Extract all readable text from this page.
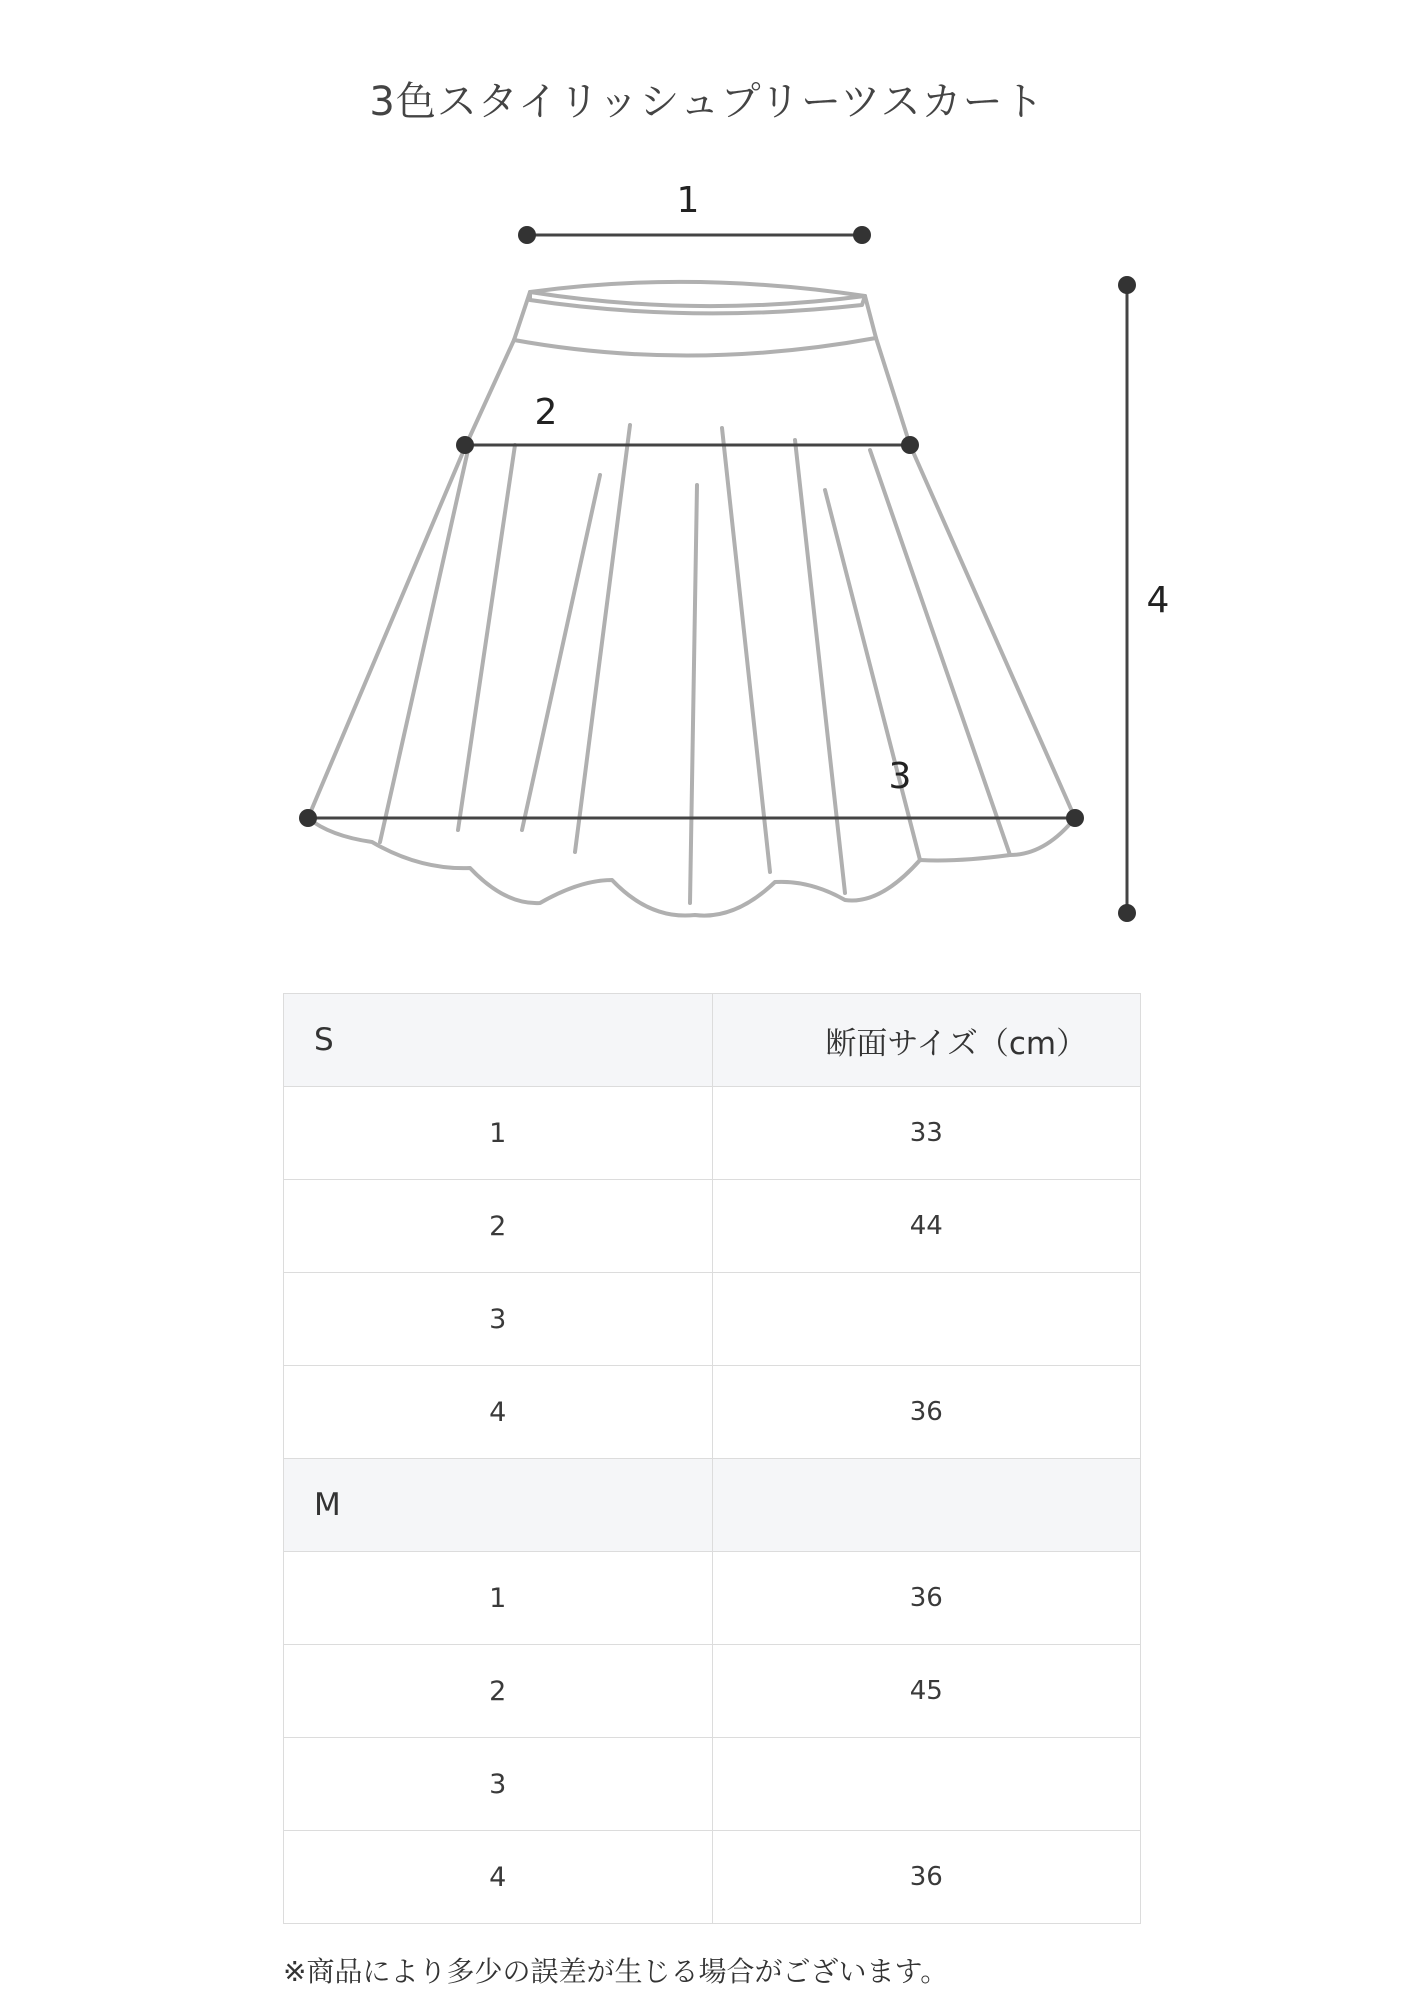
3色スタイリッシュプリーツスカート
1
2
3
4
S	断面サイズ（cm）
1	33
2	44
3	
4	36
M	
1	36
2	45
3	
4	36
※商品により多少の誤差が生じる場合がございます。
